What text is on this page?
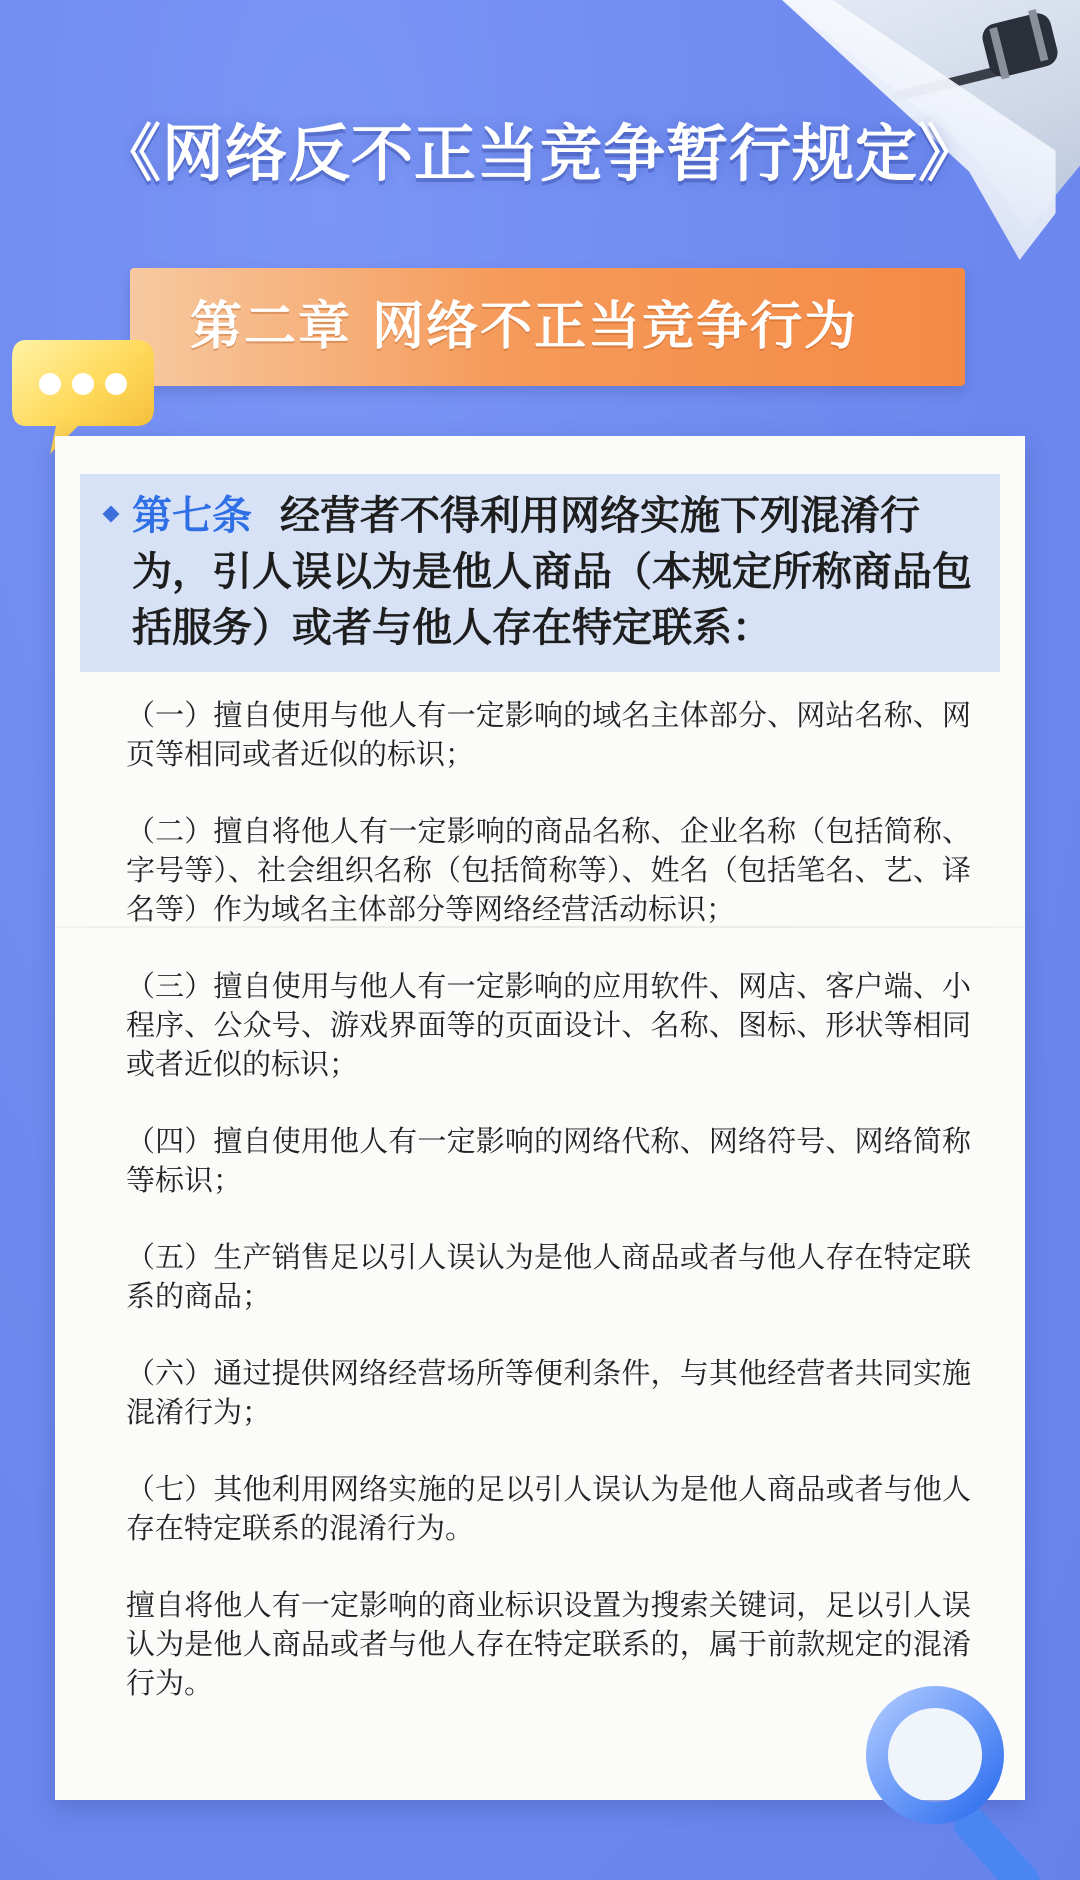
《网络反不正当竞争暂行规定》
第二章 网络不正当竞争行为
第七条 经营者不得利用网络实施下列混淆行为，引人误以为是他人商品（本规定所称商品包括服务）或者与他人存在特定联系：

（一）擅自使用与他人有一定影响的域名主体部分、网站名称、网页等相同或者近似的标识；

（二）擅自将他人有一定影响的商品名称、企业名称（包括简称、字号等）、社会组织名称（包括简称等）、姓名（包括笔名、艺、译名等）作为域名主体部分等网络经营活动标识；

（三）擅自使用与他人有一定影响的应用软件、网店、客户端、小程序、公众号、游戏界面等的页面设计、名称、图标、形状等相同或者近似的标识；

（四）擅自使用他人有一定影响的网络代称、网络符号、网络简称等标识；

（五）生产销售足以引人误认为是他人商品或者与他人存在特定联系的商品；

（六）通过提供网络经营场所等便利条件，与其他经营者共同实施混淆行为；

（七）其他利用网络实施的足以引人误认为是他人商品或者与他人存在特定联系的混淆行为。

擅自将他人有一定影响的商业标识设置为搜索关键词，足以引人误认为是他人商品或者与他人存在特定联系的，属于前款规定的混淆行为。
